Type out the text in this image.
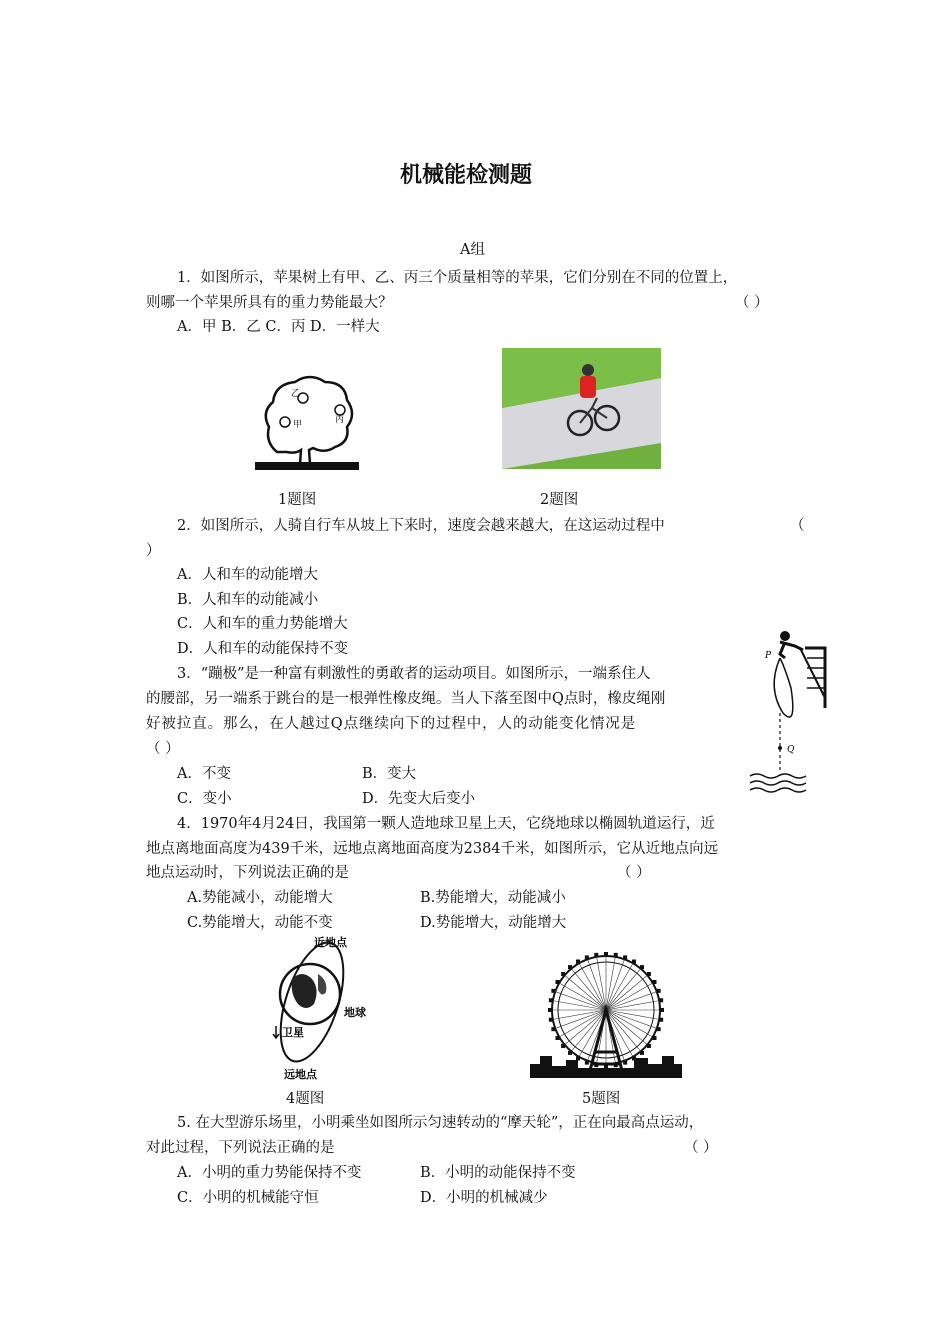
机械能检测题
A组
1．如图所示，苹果树上有甲、乙、丙三个质量相等的苹果，它们分别在不同的位置上，
则哪一个苹果所具有的重力势能最大？	（ ）
A．甲 B．乙 C．丙 D．一样大
乙
甲	丙
1题图	2题图
2．如图所示，人骑自行车从坡上下来时，速度会越来越大，在这运动过程中	（
）
A．人和车的动能增大
B．人和车的动能减小
C．人和车的重力势能增大
D．人和车的动能保持不变	P
Q
3．“蹦极”是一种富有刺激性的勇敢者的运动项目。如图所示，一端系住人
的腰部，另一端系于跳台的是一根弹性橡皮绳。当人下落至图中Q点时，橡皮绳刚
好被拉直。那么，在人越过Q点继续向下的过程中，人的动能变化情况是
（ ）
A．不变	B．变大
C．变小	D．先变大后变小
4．1970年4月24日，我国第一颗人造地球卫星上天，它绕地球以椭圆轨道运行，近
地点离地面高度为439千米，远地点离地面高度为2384千米，如图所示，它从近地点向远
地点运动时，下列说法正确的是	（ ）
A.势能减小，动能增大	B.势能增大，动能减小
C.势能增大，动能不变	D.势能增大，动能增大
近地点
地球
卫星
远地点
4题图	5题图
5. 在大型游乐场里，小明乘坐如图所示匀速转动的“摩天轮”，正在向最高点运动，
对此过程，下列说法正确的是	（ ）
A．小明的重力势能保持不变	B．小明的动能保持不变
C．小明的机械能守恒	D．小明的机械减少
